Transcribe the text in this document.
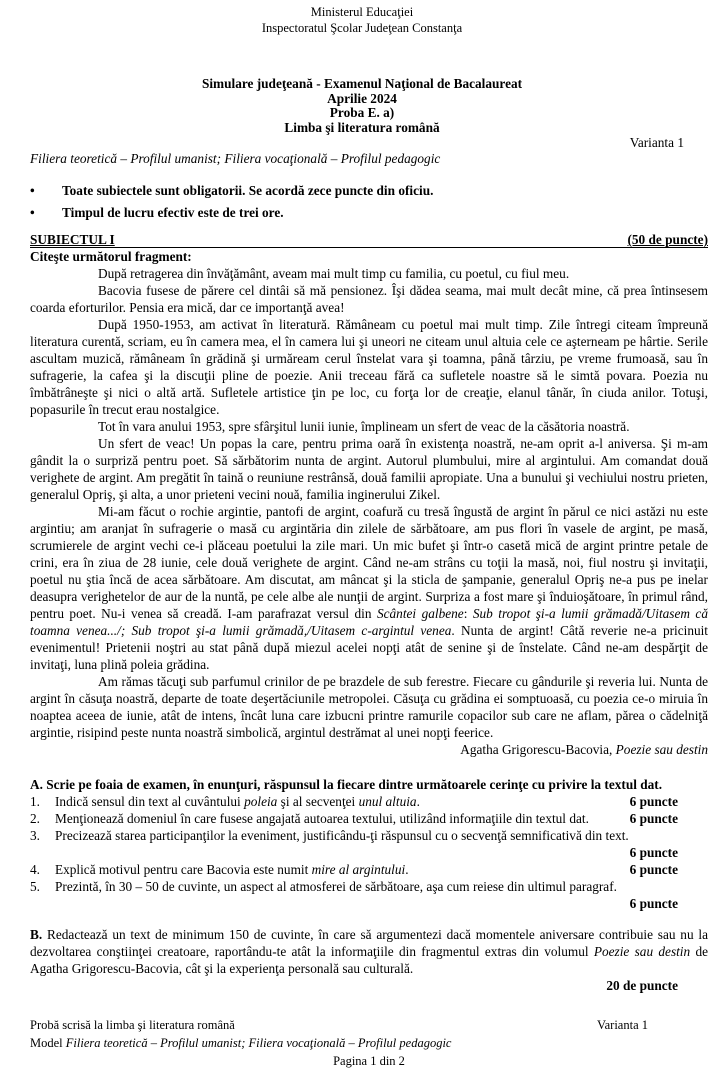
Ministerul Educaţiei
Inspectoratul Şcolar Judeţean Constanţa
Simulare judeţeană - Examenul Naţional de Bacalaureat
Aprilie 2024
Proba E. a)
Limba şi literatura română
Varianta 1
Filiera teoretică – Profilul umanist; Filiera vocaţională – Profilul pedagogic
• Toate subiectele sunt obligatorii. Se acordă zece puncte din oficiu.
• Timpul de lucru efectiv este de trei ore.
SUBIECTUL I	(50 de puncte)
Citeşte următorul fragment:

După retragerea din învăţământ, aveam mai mult timp cu familia, cu poetul, cu fiul meu.

Bacovia fusese de părere cel dintâi să mă pensionez. Îşi dădea seama, mai mult decât mine, că prea întinsesem coarda eforturilor. Pensia era mică, dar ce importanţă avea!

După 1950-1953, am activat în literatură. Rămâneam cu poetul mai mult timp. Zile întregi citeam împreună literatura curentă, scriam, eu în camera mea, el în camera lui şi uneori ne citeam unul altuia cele ce aşterneam pe hârtie. Serile ascultam muzică, rămâneam în grădină şi urmăream cerul înstelat vara şi toamna, până târziu, pe vreme frumoasă, sau în sufragerie, la cafea şi la discuţii pline de poezie. Anii treceau fără ca sufletele noastre să le simtă povara. Poezia nu îmbătrâneşte şi nici o altă artă. Sufletele artistice ţin pe loc, cu forţa lor de creaţie, elanul tânăr, în ciuda anilor. Totuşi, popasurile în trecut erau nostalgice.

Tot în vara anului 1953, spre sfârşitul lunii iunie, împlineam un sfert de veac de la căsătoria noastră.

Un sfert de veac! Un popas la care, pentru prima oară în existenţa noastră, ne-am oprit a-l aniversa. Şi m-am gândit la o surpriză pentru poet. Să sărbătorim nunta de argint. Autorul plumbului, mire al argintului. Am comandat două verighete de argint. Am pregătit în taină o reuniune restrânsă, două familii apropiate. Una a bunului şi vechiului nostru prieten, generalul Opriş, şi alta, a unor prieteni vecini nouă, familia inginerului Zikel.

Mi-am făcut o rochie argintie, pantofi de argint, coafură cu tresă îngustă de argint în părul ce nici astăzi nu este argintiu; am aranjat în sufragerie o masă cu argintăria din zilele de sărbătoare, am pus flori în vasele de argint, pe masă, scrumierele de argint vechi ce-i plăceau poetului la zile mari. Un mic bufet şi într-o casetă mică de argint printre petale de crini, era în ziua de 28 iunie, cele două verighete de argint. Când ne-am strâns cu toţii la masă, noi, fiul nostru şi invitaţii, poetul nu ştia încă de acea sărbătoare. Am discutat, am mâncat şi la sticla de şampanie, generalul Opriş ne-a pus pe inelar deasupra verighetelor de aur de la nuntă, pe cele albe ale nunţii de argint. Surpriza a fost mare şi înduioşătoare, în primul rând, pentru poet. Nu-i venea să creadă. I-am parafrazat versul din Scântei galbene: Sub tropot şi-a lumii grămadă/Uitasem că toamna venea.../; Sub tropot şi-a lumii grămadă,/Uitasem c-argintul venea. Nunta de argint! Câtă reverie ne-a pricinuit evenimentul! Prietenii noştri au stat până după miezul acelei nopţi atât de senine şi de înstelate. Când ne-am despărţit de invitaţi, luna plină poleia grădina.

Am rămas tăcuţi sub parfumul crinilor de pe brazdele de sub ferestre. Fiecare cu gândurile şi reveria lui. Nunta de argint în căsuţa noastră, departe de toate deşertăciunile metropolei. Căsuţa cu grădina ei somptuoasă, cu poezia ce-o miruia în noaptea aceea de iunie, atât de intens, încât luna care izbucni printre ramurile copacilor sub care ne aflam, părea o cădelniţă argintie, risipind peste nunta noastră simbolică, argintul destrămat al unei nopţi feerice.

Agatha Grigorescu-Bacovia, Poezie sau destin
A. Scrie pe foaia de examen, în enunţuri, răspunsul la fiecare dintre următoarele cerinţe cu privire la textul dat.
1. Indică sensul din text al cuvântului poleia şi al secvenţei unul altuia.	6 puncte
2. Menţionează domeniul în care fusese angajată autoarea textului, utilizând informaţiile din textul dat.	6 puncte
3. Precizează starea participanţilor la eveniment, justificându-ţi răspunsul cu o secvenţă semnificativă din text.
6 puncte
4. Explică motivul pentru care Bacovia este numit mire al argintului.	6 puncte
5. Prezintă, în 30 – 50 de cuvinte, un aspect al atmosferei de sărbătoare, aşa cum reiese din ultimul paragraf.
6 puncte

B. Redactează un text de minimum 150 de cuvinte, în care să argumentezi dacă momentele aniversare contribuie sau nu la dezvoltarea conştiinţei creatoare, raportându-te atât la informaţiile din fragmentul extras din volumul Poezie sau destin de Agatha Grigorescu-Bacovia, cât şi la experienţa personală sau culturală.

20 de puncte
Probă scrisă la limba şi literatura română	Varianta 1
Model Filiera teoretică – Profilul umanist; Filiera vocaţională – Profilul pedagogic
Pagina 1 din 2
